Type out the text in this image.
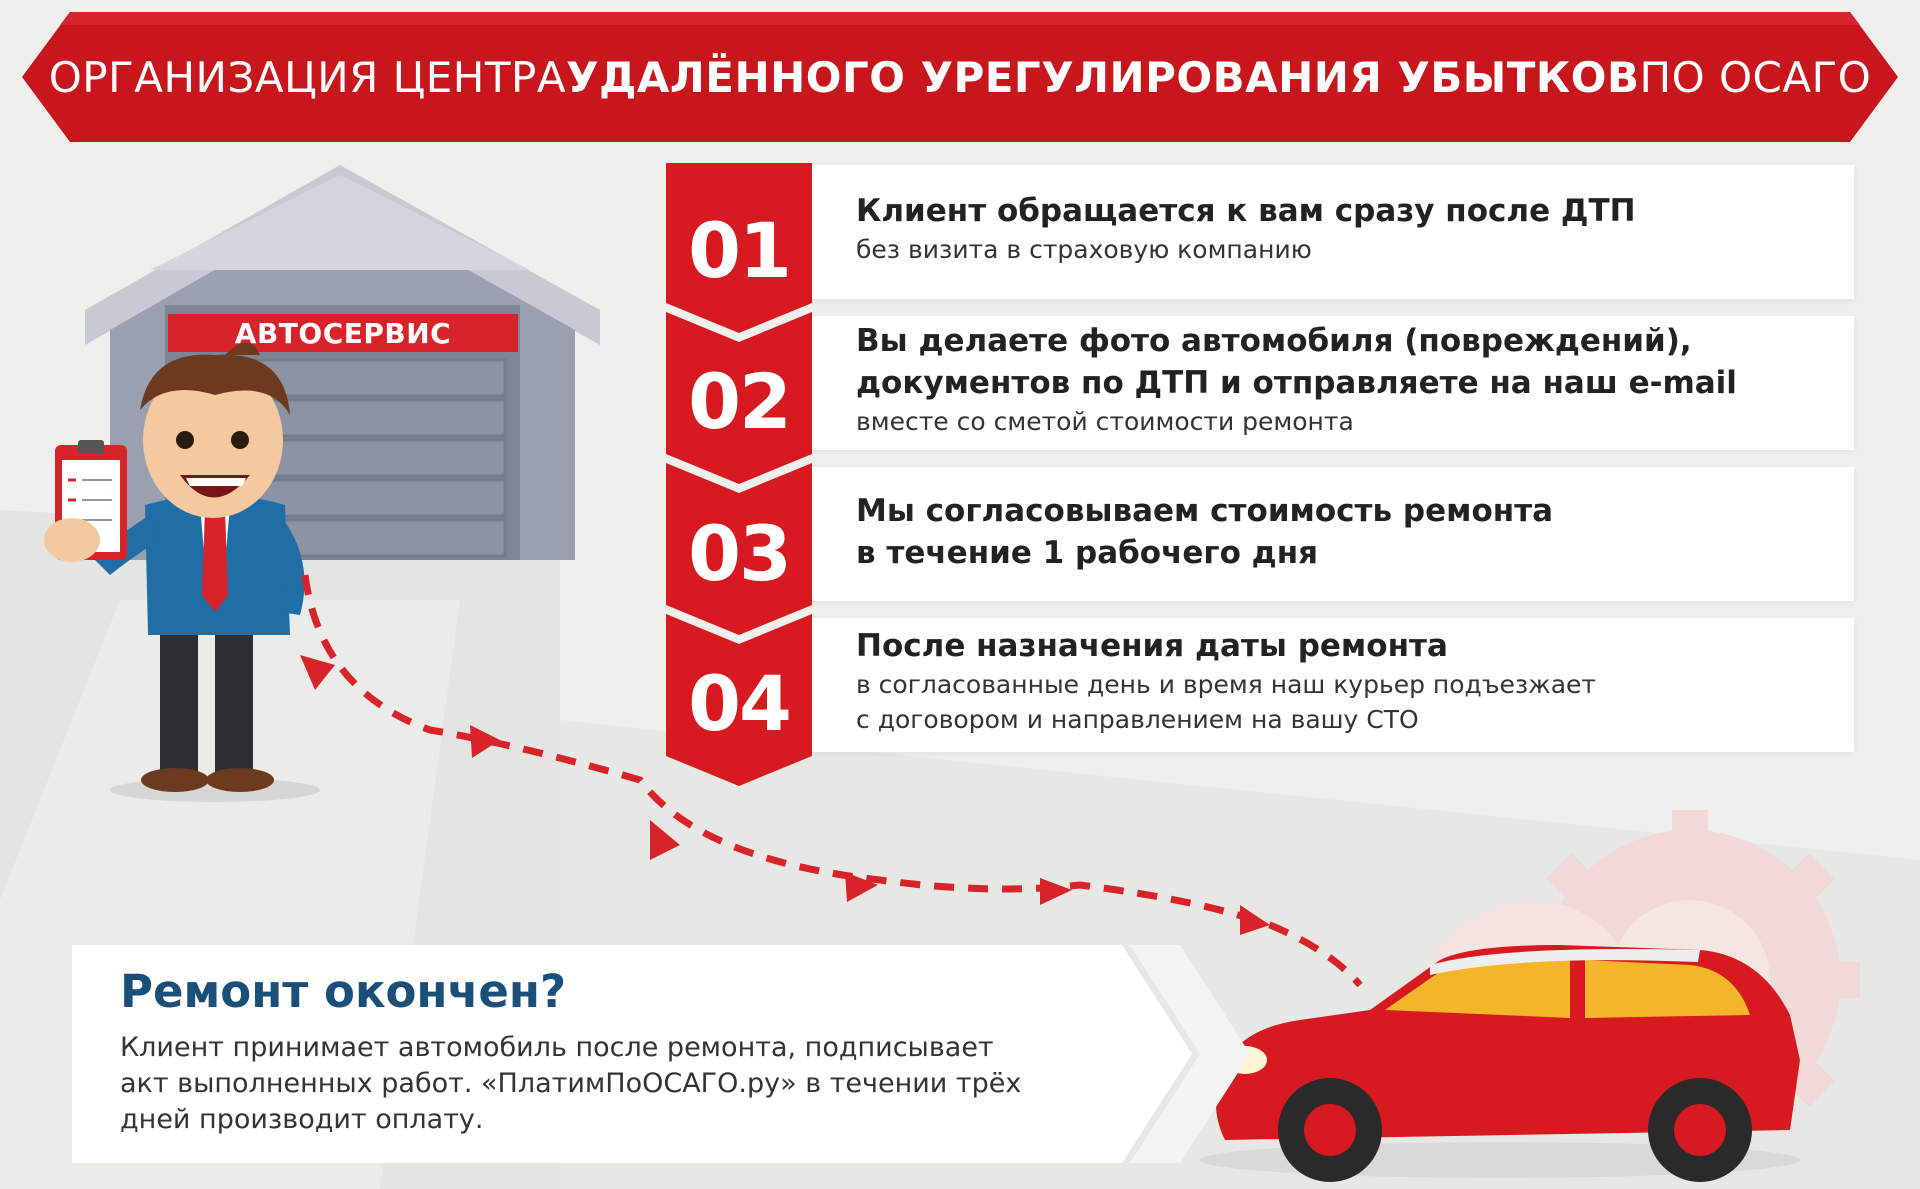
ОРГАНИЗАЦИЯ ЦЕНТРА УДАЛЁННОГО УРЕГУЛИРОВАНИЯ УБЫТКОВ ПО ОСАГО
АВТОСЕРВИС
01	Клиент обращается к вам сразу после ДТП
без визита в страховую компанию
02
Вы делаете фото автомобиля (повреждений),
документов по ДТП и отправляете на наш e-mail
вместе со сметой стоимости ремонта
03	Мы согласовываем стоимость ремонта
в течение 1 рабочего дня
04
После назначения даты ремонта
в согласованные день и время наш курьер подъезжает
с договором и направлением на вашу СТО
Ремонт окончен?
Клиент принимает автомобиль после ремонта, подписывает
акт выполненных работ. «ПлатимПоОСАГО.ру» в течении трёх
дней производит оплату.
